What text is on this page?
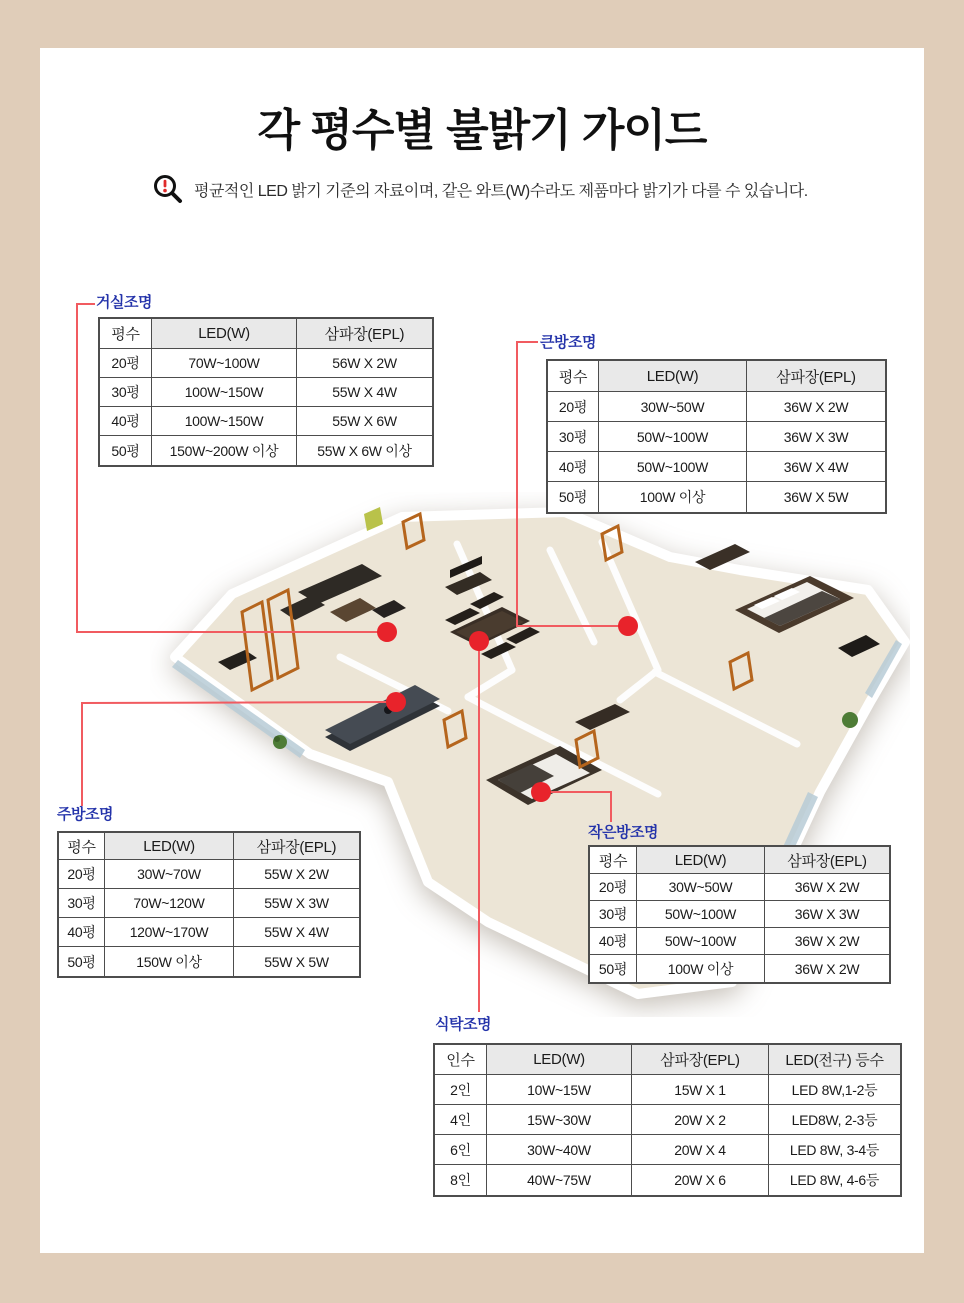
각 평수별 불밝기 가이드
평균적인 LED 밝기 기준의 자료이며, 같은 와트(W)수라도 제품마다 밝기가 다를 수 있습니다.
거실조명
큰방조명
주방조명
작은방조명
식탁조명
평수	LED(W)	삼파장(EPL)
20평	70W~100W	56W X 2W
30평	100W~150W	55W X 4W
40평	100W~150W	55W X 6W
50평	150W~200W 이상	55W X 6W 이상
평수	LED(W)	삼파장(EPL)
20평	30W~50W	36W X 2W
30평	50W~100W	36W X 3W
40평	50W~100W	36W X 4W
50평	100W 이상	36W X 5W
평수	LED(W)	삼파장(EPL)
20평	30W~70W	55W X 2W
30평	70W~120W	55W X 3W
40평	120W~170W	55W X 4W
50평	150W 이상	55W X 5W
평수	LED(W)	삼파장(EPL)
20평	30W~50W	36W X 2W
30평	50W~100W	36W X 3W
40평	50W~100W	36W X 2W
50평	100W 이상	36W X 2W
인수	LED(W)	삼파장(EPL)	LED(전구) 등수
2인	10W~15W	15W X 1	LED 8W,1-2등
4인	15W~30W	20W X 2	LED8W, 2-3등
6인	30W~40W	20W X 4	LED 8W, 3-4등
8인	40W~75W	20W X 6	LED 8W, 4-6등
